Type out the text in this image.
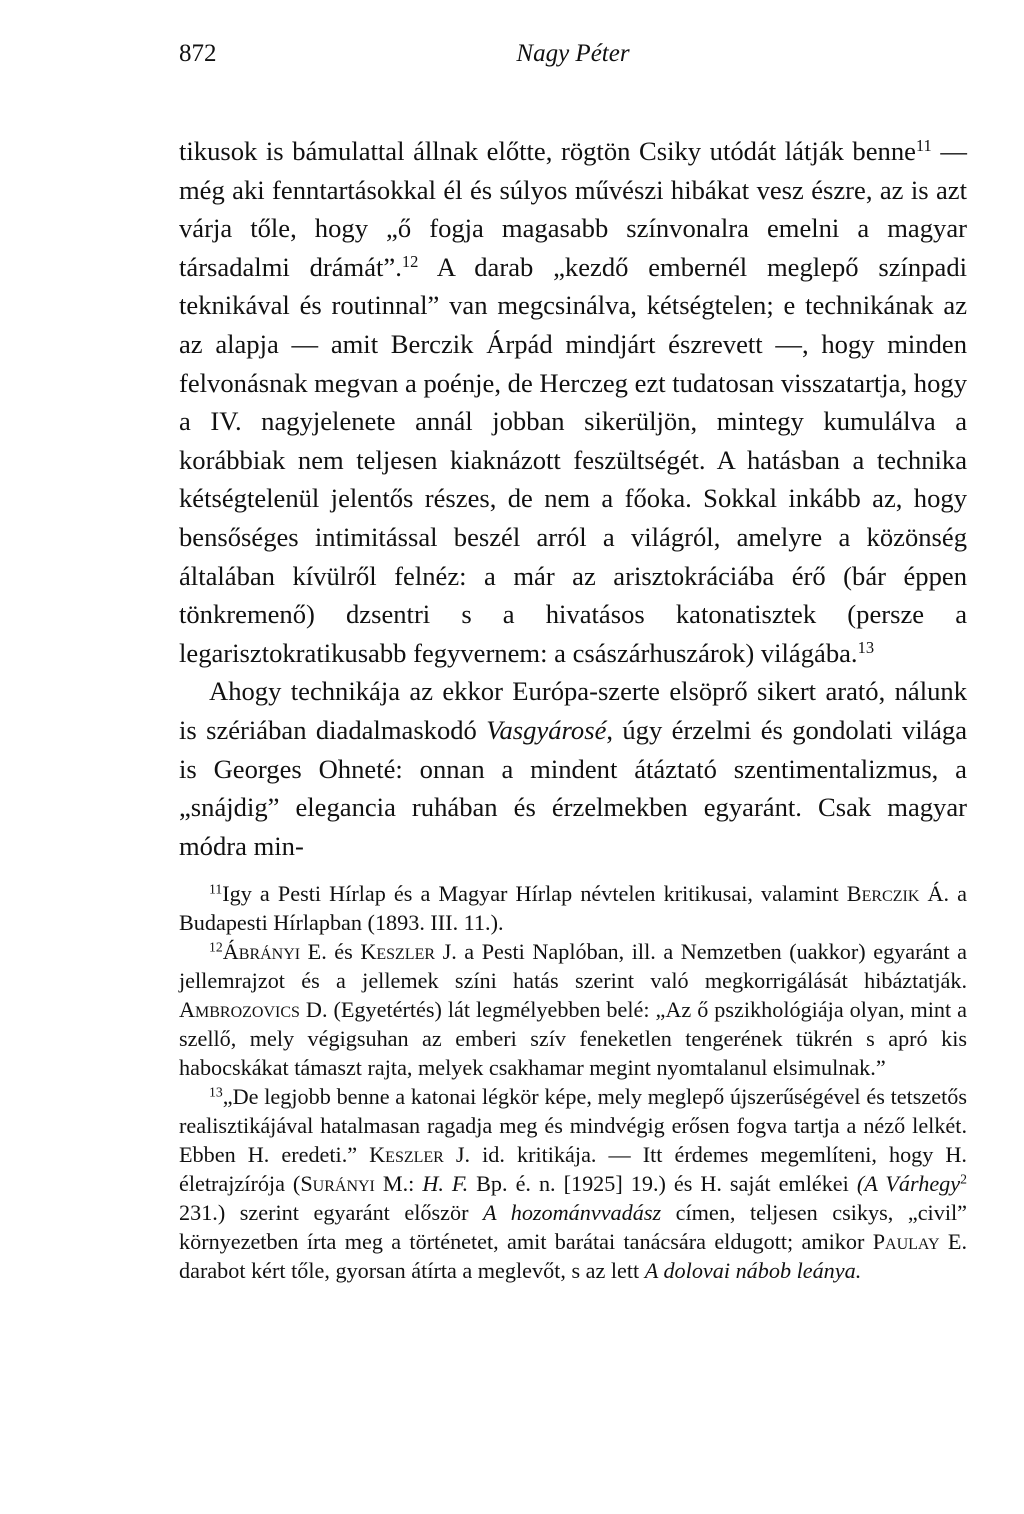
872	Nagy Péter

tikusok is bámulattal állnak előtte, rögtön Csiky utódát látják benne$^{11}$ — még aki fenntartásokkal él és súlyos művészi hibákat vesz észre, az is azt várja tőle, hogy „ő fogja magasabb színvonalra emelni a magyar társadalmi drámát”.$^{12}$ A darab „kezdő embernél meglepő színpadi teknikával és routinnal” van megcsinálva, kétségtelen; e technikának az az alapja — amit Berczik Árpád mindjárt észrevett —, hogy minden felvonásnak megvan a poénje, de Herczeg ezt tudatosan visszatartja, hogy a IV. nagyjelenete annál jobban sikerüljön, mintegy kumulálva a korábbiak nem teljesen kiaknázott feszültségét. A hatásban a technika kétségtelenül jelentős részes, de nem a főoka. Sokkal inkább az, hogy bensőséges intimitással beszél arról a világról, amelyre a közönség általában kívülről felnéz: a már az arisztokráciába érő (bár éppen tönkremenő) dzsentri s a hivatásos katonatisztek (persze a legarisztokratikusabb fegyvernem: a császárhuszárok) világába.$^{13}$

Ahogy technikája az ekkor Európa-szerte elsöprő sikert arató, nálunk is szériában diadalmaskodó Vasgyárosé, úgy érzelmi és gondolati világa is Georges Ohneté: onnan a mindent átáztató szentimentalizmus, a „snájdig” elegancia ruhában és érzelmekben egyaránt. Csak magyar módra min-

$^{11}$Igy a Pesti Hírlap és a Magyar Hírlap névtelen kritikusai, valamint Berczik Á. a Budapesti Hírlapban (1893. III. 11.).

$^{12}$Ábrányi E. és Keszler J. a Pesti Naplóban, ill. a Nemzetben (uakkor) egyaránt a jellemrajzot és a jellemek színi hatás szerint való megkorrigálását hibáztatják. Ambrozovics D. (Egyetértés) lát legmélyebben belé: „Az ő pszikhológiája olyan, mint a szellő, mely végigsuhan az emberi szív feneketlen tengerének tükrén s apró kis habocskákat támaszt rajta, melyek csakhamar megint nyomtalanul elsimulnak.”

$^{13}$„De legjobb benne a katonai légkör képe, mely meglepő újszerűségével és tetszetős realisztikájával hatalmasan ragadja meg és mindvégig erősen fogva tartja a néző lelkét. Ebben H. eredeti.” Keszler J. id. kritikája. — Itt érdemes megemlíteni, hogy H. életrajzírója (Surányi M.: H. F. Bp. é. n. [1925] 19.) és H. saját emlékei (A Várhegy$^2$ 231.) szerint egyaránt először A hozománvvadász címen, teljesen csikys, „civil” környezetben írta meg a történetet, amit barátai tanácsára eldugott; amikor Paulay E. darabot kért tőle, gyorsan átírta a meglevőt, s az lett A dolovai nábob leánya.
